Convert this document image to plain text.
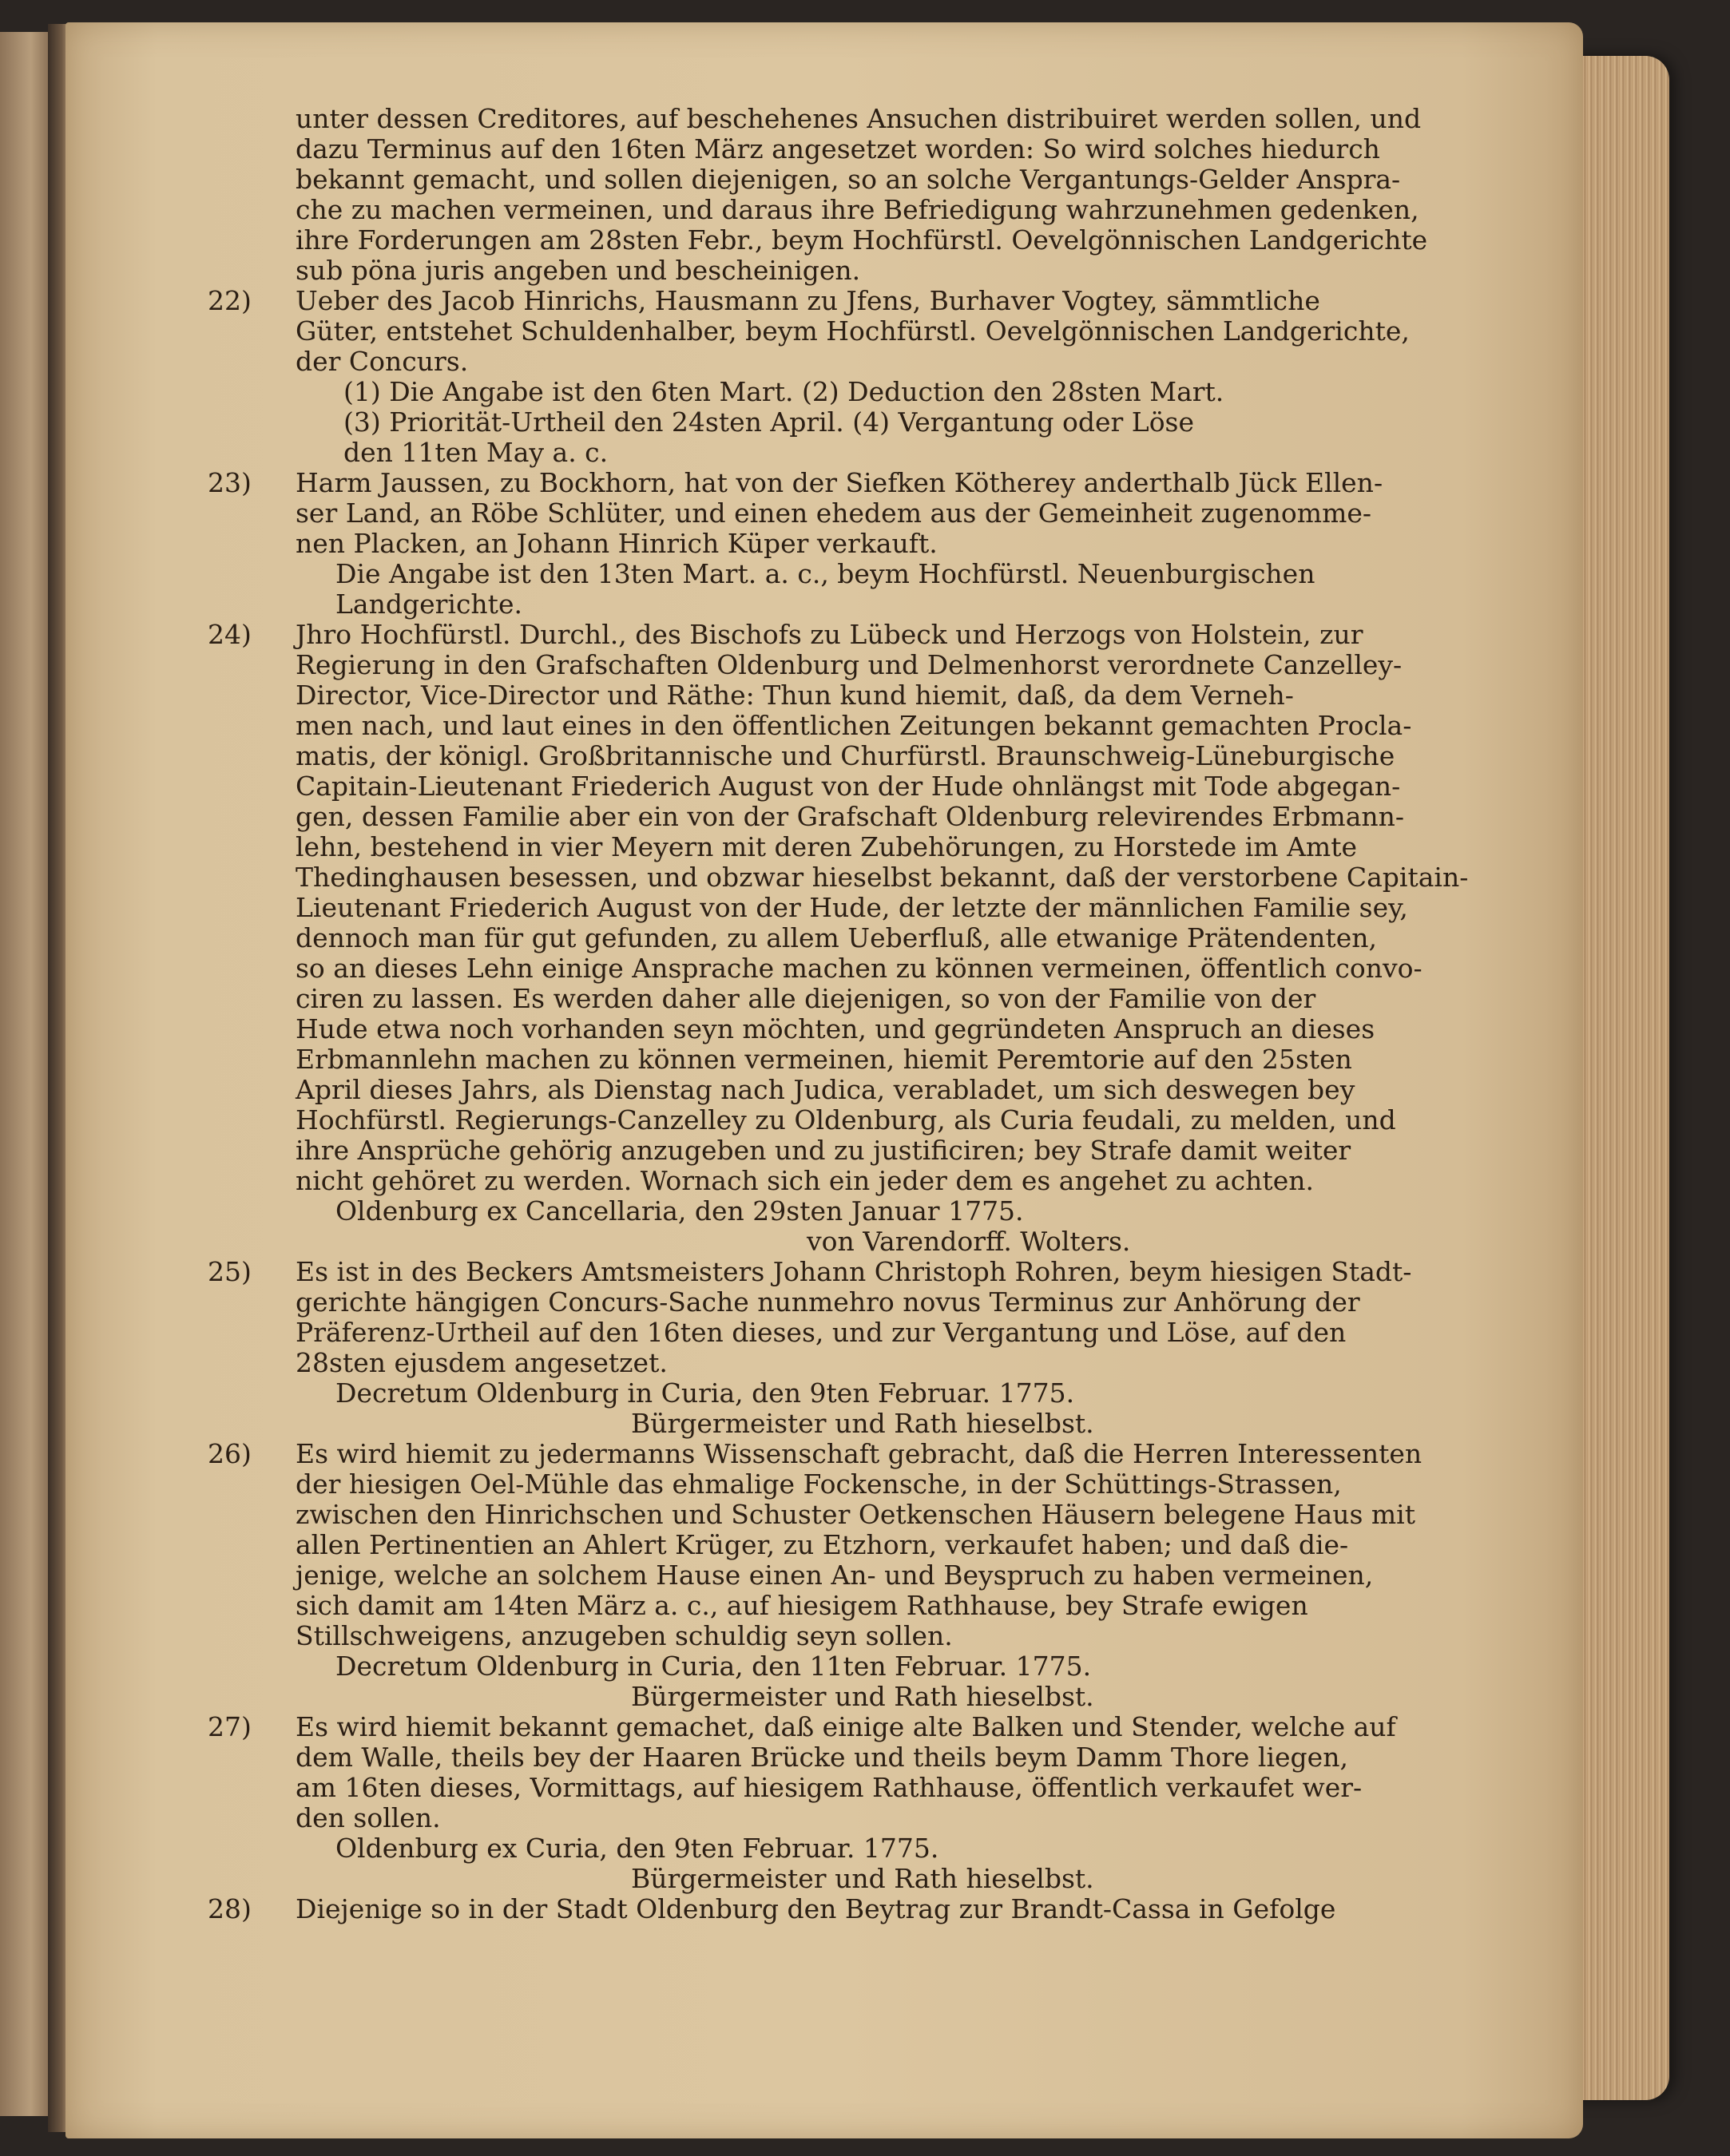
unter dessen Creditores, auf beschehenes Ansuchen distribuiret werden sollen, und
dazu Terminus auf den 16ten März angesetzet worden: So wird solches hiedurch
bekannt gemacht, und sollen diejenigen, so an solche Vergantungs-Gelder Anspra-
che zu machen vermeinen, und daraus ihre Befriedigung wahrzunehmen gedenken,
ihre Forderungen am 28sten Febr., beym Hochfürstl. Oevelgönnischen Landgerichte
sub pöna juris angeben und bescheinigen.
22)	Ueber des Jacob Hinrichs, Hausmann zu Jfens, Burhaver Vogtey, sämmtliche
Güter, entstehet Schuldenhalber, beym Hochfürstl. Oevelgönnischen Landgerichte,
der Concurs.
(1) Die Angabe ist den 6ten Mart. (2) Deduction den 28sten Mart.
(3) Priorität-Urtheil den 24sten April. (4) Vergantung oder Löse
den 11ten May a. c.
23)	Harm Jaussen, zu Bockhorn, hat von der Siefken Kötherey anderthalb Jück Ellen-
ser Land, an Röbe Schlüter, und einen ehedem aus der Gemeinheit zugenomme-
nen Placken, an Johann Hinrich Küper verkauft.
Die Angabe ist den 13ten Mart. a. c., beym Hochfürstl. Neuenburgischen
Landgerichte.
24)	Jhro Hochfürstl. Durchl., des Bischofs zu Lübeck und Herzogs von Holstein, zur
Regierung in den Grafschaften Oldenburg und Delmenhorst verordnete Canzelley-
Director, Vice-Director und Räthe: Thun kund hiemit, daß, da dem Verneh-
men nach, und laut eines in den öffentlichen Zeitungen bekannt gemachten Procla-
matis, der königl. Großbritannische und Churfürstl. Braunschweig-Lüneburgische
Capitain-Lieutenant Friederich August von der Hude ohnlängst mit Tode abgegan-
gen, dessen Familie aber ein von der Grafschaft Oldenburg relevirendes Erbmann-
lehn, bestehend in vier Meyern mit deren Zubehörungen, zu Horstede im Amte
Thedinghausen besessen, und obzwar hieselbst bekannt, daß der verstorbene Capitain-
Lieutenant Friederich August von der Hude, der letzte der männlichen Familie sey,
dennoch man für gut gefunden, zu allem Ueberfluß, alle etwanige Prätendenten,
so an dieses Lehn einige Ansprache machen zu können vermeinen, öffentlich convo-
ciren zu lassen. Es werden daher alle diejenigen, so von der Familie von der
Hude etwa noch vorhanden seyn möchten, und gegründeten Anspruch an dieses
Erbmannlehn machen zu können vermeinen, hiemit Peremtorie auf den 25sten
April dieses Jahrs, als Dienstag nach Judica, verabladet, um sich deswegen bey
Hochfürstl. Regierungs-Canzelley zu Oldenburg, als Curia feudali, zu melden, und
ihre Ansprüche gehörig anzugeben und zu justificiren; bey Strafe damit weiter
nicht gehöret zu werden. Wornach sich ein jeder dem es angehet zu achten.
Oldenburg ex Cancellaria, den 29sten Januar 1775.
von Varendorff. Wolters.
25)	Es ist in des Beckers Amtsmeisters Johann Christoph Rohren, beym hiesigen Stadt-
gerichte hängigen Concurs-Sache nunmehro novus Terminus zur Anhörung der
Präferenz-Urtheil auf den 16ten dieses, und zur Vergantung und Löse, auf den
28sten ejusdem angesetzet.
Decretum Oldenburg in Curia, den 9ten Februar. 1775.
Bürgermeister und Rath hieselbst.
26)	Es wird hiemit zu jedermanns Wissenschaft gebracht, daß die Herren Interessenten
der hiesigen Oel-Mühle das ehmalige Fockensche, in der Schüttings-Strassen,
zwischen den Hinrichschen und Schuster Oetkenschen Häusern belegene Haus mit
allen Pertinentien an Ahlert Krüger, zu Etzhorn, verkaufet haben; und daß die-
jenige, welche an solchem Hause einen An- und Beyspruch zu haben vermeinen,
sich damit am 14ten März a. c., auf hiesigem Rathhause, bey Strafe ewigen
Stillschweigens, anzugeben schuldig seyn sollen.
Decretum Oldenburg in Curia, den 11ten Februar. 1775.
Bürgermeister und Rath hieselbst.
27)	Es wird hiemit bekannt gemachet, daß einige alte Balken und Stender, welche auf
dem Walle, theils bey der Haaren Brücke und theils beym Damm Thore liegen,
am 16ten dieses, Vormittags, auf hiesigem Rathhause, öffentlich verkaufet wer-
den sollen.
Oldenburg ex Curia, den 9ten Februar. 1775.
Bürgermeister und Rath hieselbst.
28)	Diejenige so in der Stadt Oldenburg den Beytrag zur Brandt-Cassa in Gefolge
